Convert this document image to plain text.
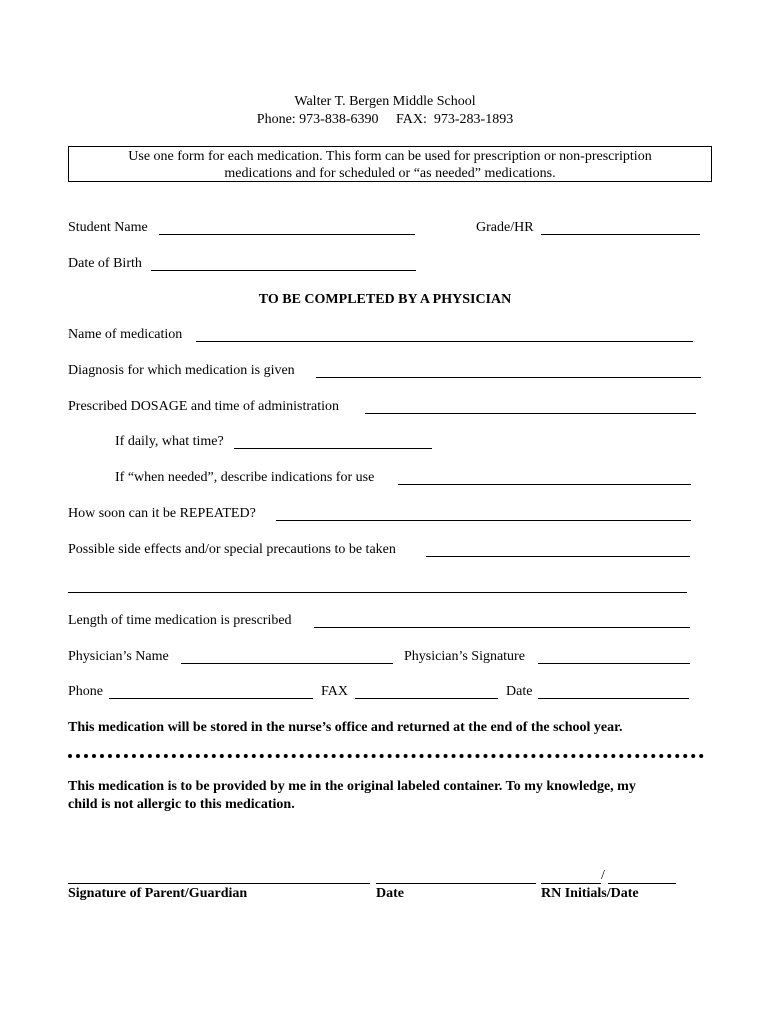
Walter T. Bergen Middle School
Phone: 973-838-6390     FAX:  973-283-1893
Use one form for each medication. This form can be used for prescription or non-prescription
medications and for scheduled or “as needed” medications.
Student Name	Grade/HR
Date of Birth
TO BE COMPLETED BY A PHYSICIAN
Name of medication
Diagnosis for which medication is given
Prescribed DOSAGE and time of administration
If daily, what time?
If “when needed”, describe indications for use
How soon can it be REPEATED?
Possible side effects and/or special precautions to be taken
Length of time medication is prescribed
Physician’s Name	Physician’s Signature
Phone	FAX	Date
This medication will be stored in the nurse’s office and returned at the end of the school year.
This medication is to be provided by me in the original labeled container. To my knowledge, my
child is not allergic to this medication.
/
Signature of Parent/Guardian	Date	RN Initials/Date
